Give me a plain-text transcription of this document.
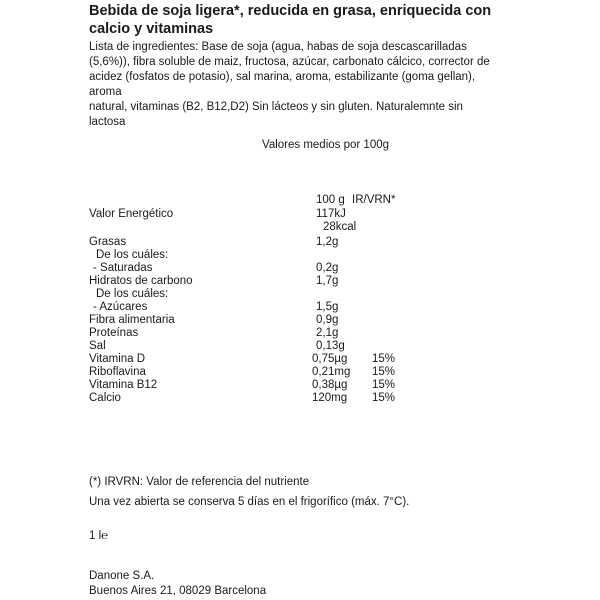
Bebida de soja ligera*, reducida en grasa, enriquecida con
calcio y vitaminas
Lista de ingredientes: Base de soja (agua, habas de soja descascarilladas
(5,6%)), fibra soluble de maiz, fructosa, azúcar, carbonato cálcico, corrector de
acidez (fosfatos de potasio), sal marina, aroma, estabilizante (goma gellan), aroma
natural, vitaminas (B2, B12,D2) Sin lácteos y sin gluten. Naturalemnte sin
lactosa
Valores medios por 100g
100 g IR/VRN*
Valor Energético	117kJ
28kcal
Grasas	1,2g
De los cuáles:
- Saturadas	0,2g
Hidratos de carbono	1,7g
De los cuáles:
- Azúcares	1,5g
Fibra alimentaria	0,9g
Proteínas	2,1g
Sal	0,13g
Vitamina D	0,75µg 15%
Riboflavina	0,21mg 15%
Vitamina B12	0,38µg 15%
Calcio	120mg 15%
(*) IRVRN: Valor de referencia del nutriente
Una vez abierta se conserva 5 días en el frigorífico (máx. 7°C).
1 l℮
Danone S.A.
Buenos Aires 21, 08029 Barcelona
